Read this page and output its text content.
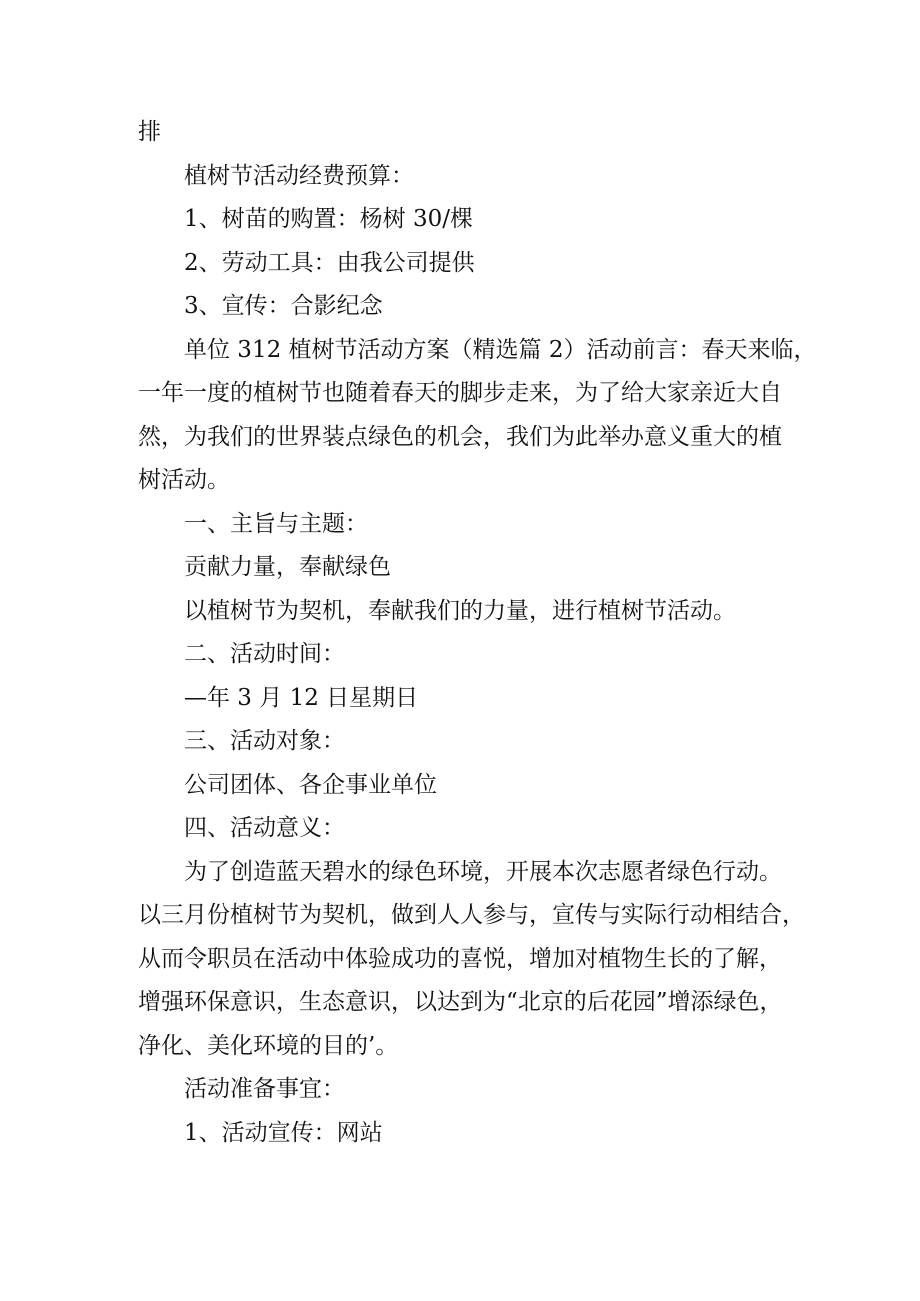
排

植树节活动经费预算：

1、树苗的购置：杨树 30/棵

2、劳动工具：由我公司提供

3、宣传：合影纪念

单位 312 植树节活动方案（精选篇 2）活动前言：春天来临，

一年一度的植树节也随着春天的脚步走来，为了给大家亲近大自

然，为我们的世界装点绿色的机会，我们为此举办意义重大的植

树活动。

一、主旨与主题：

贡献力量，奉献绿色

以植树节为契机，奉献我们的力量，进行植树节活动。

二、活动时间：

—年 3 月 12 日星期日

三、活动对象：

公司团体、各企事业单位

四、活动意义：

为了创造蓝天碧水的绿色环境，开展本次志愿者绿色行动。

以三月份植树节为契机，做到人人参与，宣传与实际行动相结合，

从而令职员在活动中体验成功的喜悦，增加对植物生长的了解，

增强环保意识，生态意识，以达到为“北京的后花园”增添绿色，

净化、美化环境的目的’。

活动准备事宜：

1、活动宣传：网站
